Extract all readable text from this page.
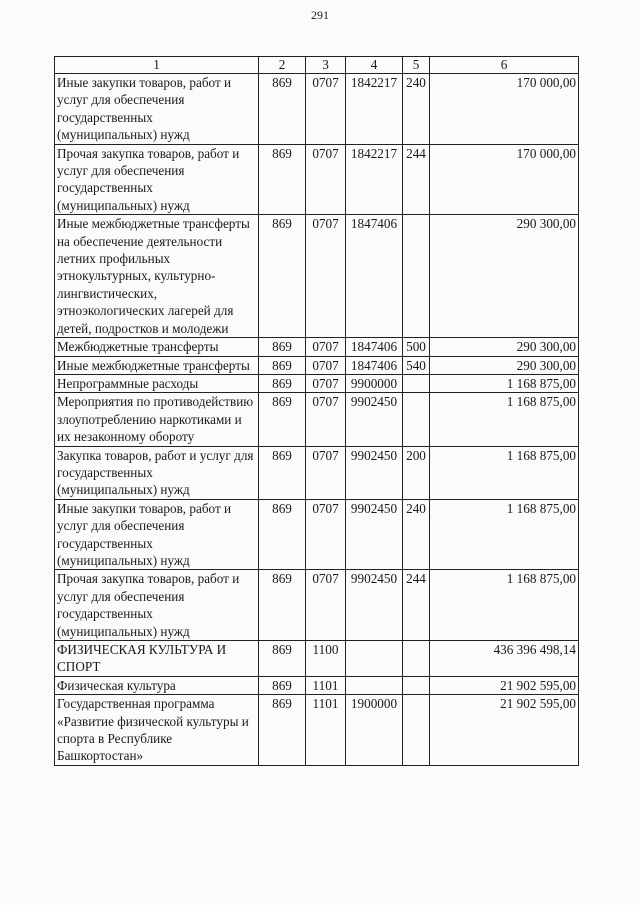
291
1	2	3	4	5	6
Иные закупки товаров, работ и услуг для обеспечения государственных (муниципальных) нужд	869	0707	1842217	240	170 000,00
Прочая закупка товаров, работ и услуг для обеспечения государственных (муниципальных) нужд	869	0707	1842217	244	170 000,00
Иные межбюджетные трансферты на обеспечение деятельности летних профильных этнокультурных, культурно-лингвистических, этноэкологических лагерей для детей, подростков и молодежи	869	0707	1847406		290 300,00
Межбюджетные трансферты	869	0707	1847406	500	290 300,00
Иные межбюджетные трансферты	869	0707	1847406	540	290 300,00
Непрограммные расходы	869	0707	9900000		1 168 875,00
Мероприятия по противодействию злоупотреблению наркотиками и их незаконному обороту	869	0707	9902450		1 168 875,00
Закупка товаров, работ и услуг для государственных (муниципальных) нужд	869	0707	9902450	200	1 168 875,00
Иные закупки товаров, работ и услуг для обеспечения государственных (муниципальных) нужд	869	0707	9902450	240	1 168 875,00
Прочая закупка товаров, работ и услуг для обеспечения государственных (муниципальных) нужд	869	0707	9902450	244	1 168 875,00
ФИЗИЧЕСКАЯ КУЛЬТУРА И СПОРТ	869	1100			436 396 498,14
Физическая культура	869	1101			21 902 595,00
Государственная программа «Развитие физической культуры и спорта в Республике Башкортостан»	869	1101	1900000		21 902 595,00
